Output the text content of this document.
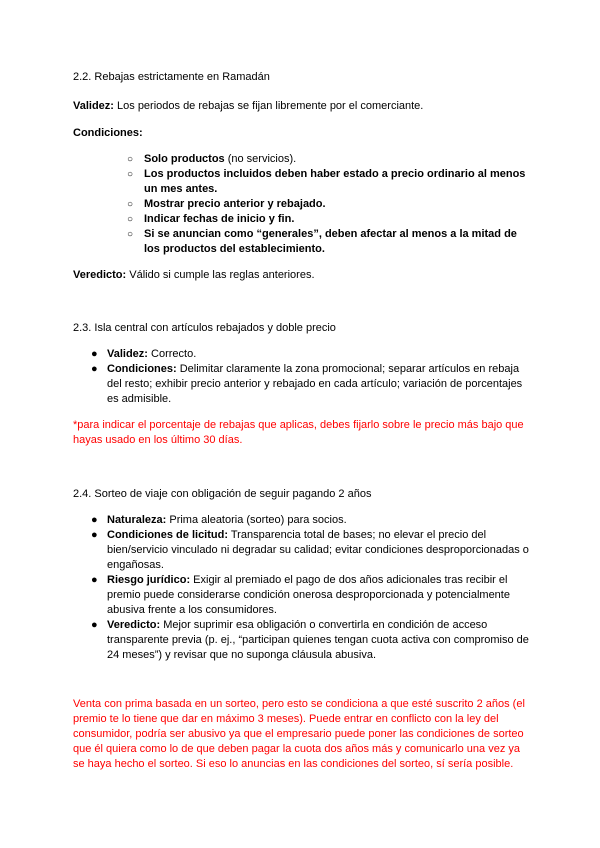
2.2. Rebajas estrictamente en Ramadán

Validez: Los periodos de rebajas se fijan libremente por el comerciante.

Condiciones:

○ Solo productos (no servicios).
○ Los productos incluidos deben haber estado a precio ordinario al menos un mes antes.
○ Mostrar precio anterior y rebajado.
○ Indicar fechas de inicio y fin.
○ Si se anuncian como “generales”, deben afectar al menos a la mitad de los productos del establecimiento.

Veredicto: Válido si cumple las reglas anteriores.

2.3. Isla central con artículos rebajados y doble precio

● Validez: Correcto.
● Condiciones: Delimitar claramente la zona promocional; separar artículos en rebaja del resto; exhibir precio anterior y rebajado en cada artículo; variación de porcentajes es admisible.

*para indicar el porcentaje de rebajas que aplicas, debes fijarlo sobre le precio más bajo que hayas usado en los último 30 días.

2.4. Sorteo de viaje con obligación de seguir pagando 2 años

● Naturaleza: Prima aleatoria (sorteo) para socios.
● Condiciones de licitud: Transparencia total de bases; no elevar el precio del bien/servicio vinculado ni degradar su calidad; evitar condiciones desproporcionadas o engañosas.
● Riesgo jurídico: Exigir al premiado el pago de dos años adicionales tras recibir el premio puede considerarse condición onerosa desproporcionada y potencialmente abusiva frente a los consumidores.
● Veredicto: Mejor suprimir esa obligación o convertirla en condición de acceso transparente previa (p. ej., “participan quienes tengan cuota activa con compromiso de 24 meses”) y revisar que no suponga cláusula abusiva.

Venta con prima basada en un sorteo, pero esto se condiciona a que esté suscrito 2 años (el premio te lo tiene que dar en máximo 3 meses). Puede entrar en conflicto con la ley del consumidor, podría ser abusivo ya que el empresario puede poner las condiciones de sorteo que él quiera como lo de que deben pagar la cuota dos años más y comunicarlo una vez ya se haya hecho el sorteo. Si eso lo anuncias en las condiciones del sorteo, sí sería posible.
